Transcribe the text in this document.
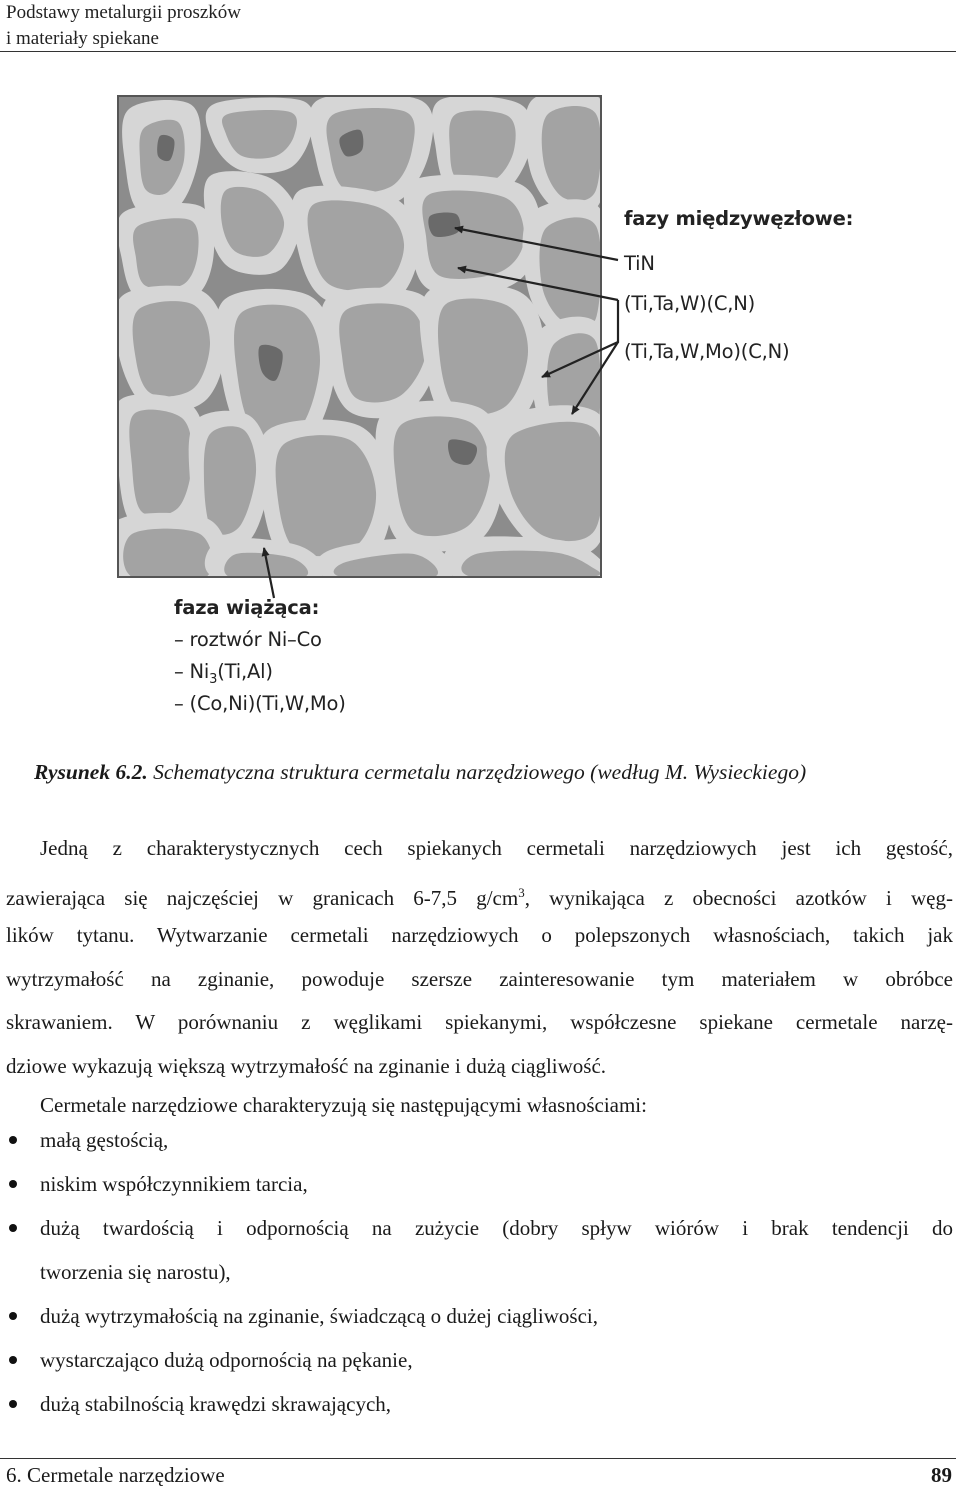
Podstawy metalurgii proszków
i materiały spiekane
fazy międzywęzłowe:
TiN
(Ti,Ta,W)(C,N)
(Ti,Ta,W,Mo)(C,N)
faza wiążąca:
– roztwór Ni–Co
– $Ni_3(Ti,Al)$
– (Co,Ni)(Ti,W,Mo)
Rysunek 6.2. Schematyczna struktura cermetalu narzędziowego (według M. Wysieckiego)
Jedną z charakterystycznych cech spiekanych cermetali narzędziowych jest ich gęstość,
zawierająca się najczęściej w granicach 6-7,5 $g/cm^3$, wynikająca z obecności azotków i węg-
lików tytanu. Wytwarzanie cermetali narzędziowych o polepszonych własnościach, takich jak
wytrzymałość na zginanie, powoduje szersze zainteresowanie tym materiałem w obróbce
skrawaniem. W porównaniu z węglikami spiekanymi, współczesne spiekane cermetale narzę-
dziowe wykazują większą wytrzymałość na zginanie i dużą ciągliwość.
Cermetale narzędziowe charakteryzują się następującymi własnościami:
małą gęstością,
niskim współczynnikiem tarcia,
dużą twardością i odpornością na zużycie (dobry spływ wiórów i brak tendencji do
tworzenia się narostu),
dużą wytrzymałością na zginanie, świadczącą o dużej ciągliwości,
wystarczająco dużą odpornością na pękanie,
dużą stabilnością krawędzi skrawających,
6. Cermetale narzędziowe	89
